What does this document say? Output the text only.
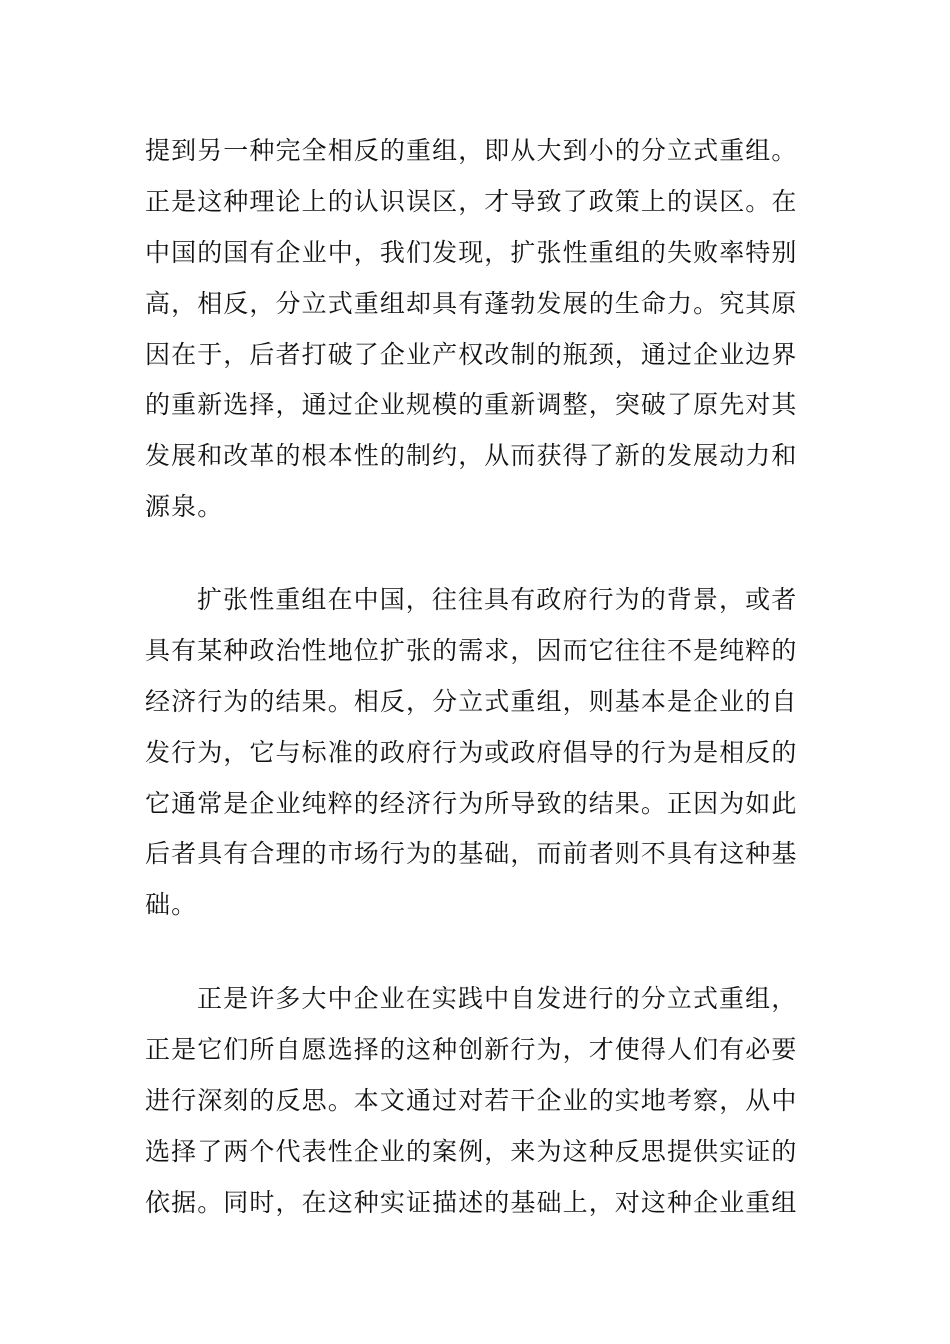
提到另一种完全相反的重组，即从大到小的分立式重组。
正是这种理论上的认识误区，才导致了政策上的误区。在
中国的国有企业中，我们发现，扩张性重组的失败率特别
高，相反，分立式重组却具有蓬勃发展的生命力。究其原
因在于，后者打破了企业产权改制的瓶颈，通过企业边界
的重新选择，通过企业规模的重新调整，突破了原先对其
发展和改革的根本性的制约，从而获得了新的发展动力和
源泉。

扩张性重组在中国，往往具有政府行为的背景，或者
具有某种政治性地位扩张的需求，因而它往往不是纯粹的
经济行为的结果。相反，分立式重组，则基本是企业的自
发行为，它与标准的政府行为或政府倡导的行为是相反的
它通常是企业纯粹的经济行为所导致的结果。正因为如此
后者具有合理的市场行为的基础，而前者则不具有这种基
础。

正是许多大中企业在实践中自发进行的分立式重组，
正是它们所自愿选择的这种创新行为，才使得人们有必要
进行深刻的反思。本文通过对若干企业的实地考察，从中
选择了两个代表性企业的案例，来为这种反思提供实证的
依据。同时，在这种实证描述的基础上，对这种企业重组
